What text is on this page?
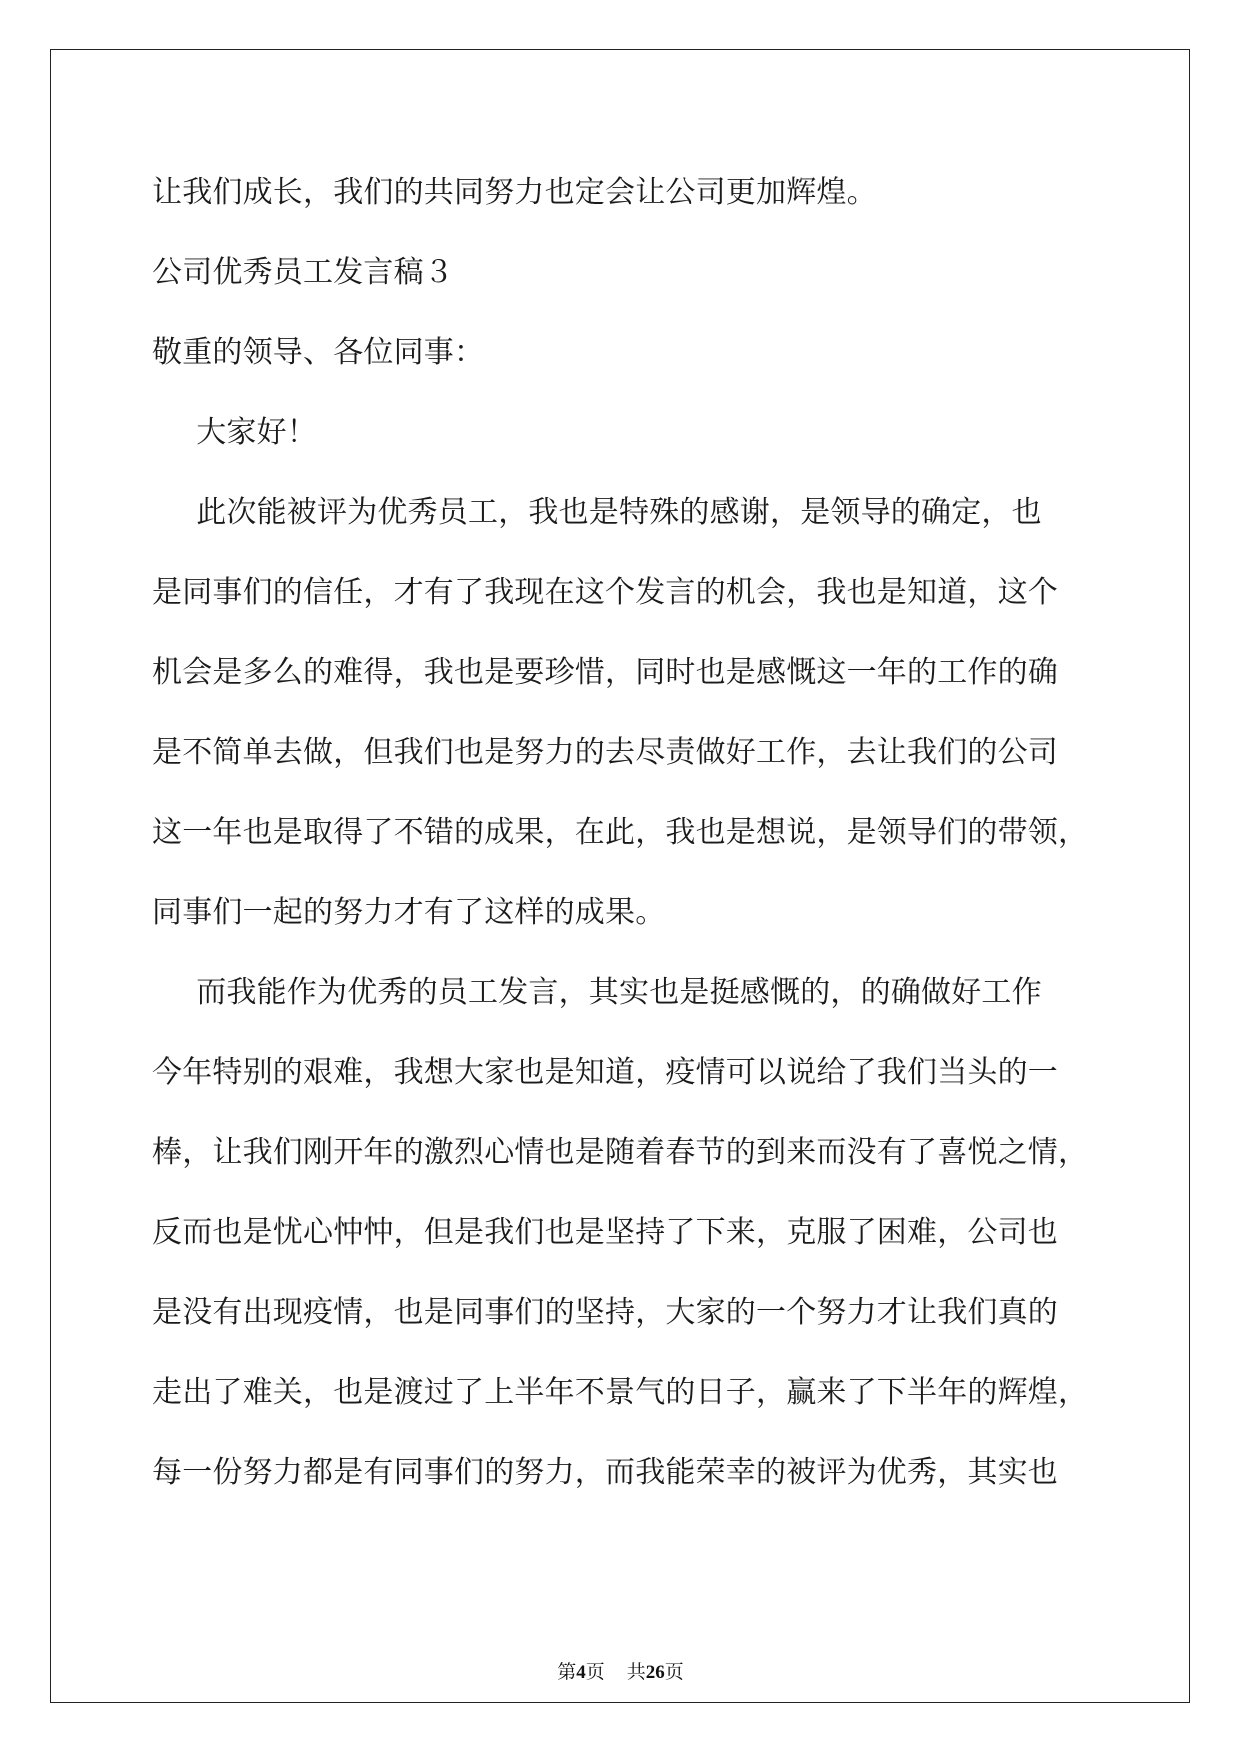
让我们成长，我们的共同努力也定会让公司更加辉煌。

公司优秀员工发言稿３

敬重的领导、各位同事：

　大家好！

　此次能被评为优秀员工，我也是特殊的感谢，是领导的确定，也

是同事们的信任，才有了我现在这个发言的机会，我也是知道，这个

机会是多么的难得，我也是要珍惜，同时也是感慨这一年的工作的确

是不简单去做，但我们也是努力的去尽责做好工作，去让我们的公司

这一年也是取得了不错的成果，在此，我也是想说，是领导们的带领，

同事们一起的努力才有了这样的成果。

　而我能作为优秀的员工发言，其实也是挺感慨的，的确做好工作

今年特别的艰难，我想大家也是知道，疫情可以说给了我们当头的一

棒，让我们刚开年的激烈心情也是随着春节的到来而没有了喜悦之情，

反而也是忧心忡忡，但是我们也是坚持了下来，克服了困难，公司也

是没有出现疫情，也是同事们的坚持，大家的一个努力才让我们真的

走出了难关，也是渡过了上半年不景气的日子，赢来了下半年的辉煌，

每一份努力都是有同事们的努力，而我能荣幸的被评为优秀，其实也

第4页 共26页
